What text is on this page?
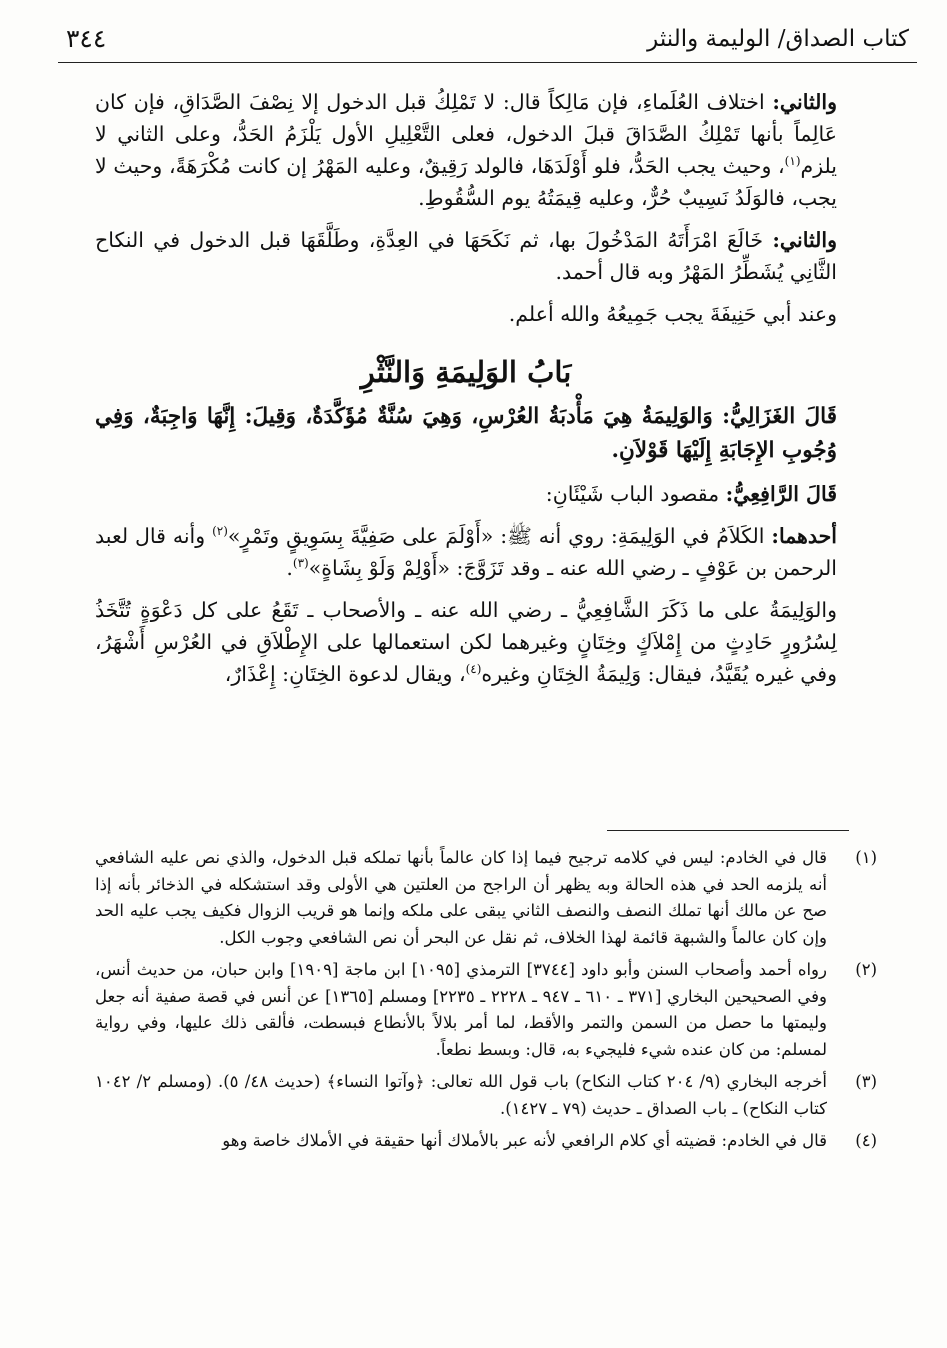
كتاب الصداق/ الوليمة والنثر
٣٤٤

والثاني: اختلاف العُلَماءِ، فإن مَالِكاً قال: لا تَمْلِكُ قبل الدخول إلا نِصْفَ الصَّدَاقِ، فإن كان عَالِماً بأنها تَمْلِكُ الصَّدَاقَ قبلَ الدخول، فعلى التَّعْلِيلِ الأول يَلْزَمُ الحَدُّ، وعلى الثاني لا يلزم$^{(١)}$، وحيث يجب الحَدُّ، فلو أَوْلَدَهَا، فالولد رَقِيقٌ، وعليه المَهْرُ إن كانت مُكْرَهَةً، وحيث لا يجب، فالوَلَدُ نَسِيبٌ حُرٌّ، وعليه قِيمَتُهُ يوم السُّقُوطِ.

والثاني: خَالَعَ امْرَأَتَهُ المَدْخُولَ بها، ثم نَكَحَهَا في العِدَّةِ، وطَلَّقَهَا قبل الدخول في النكاح الثَّانِي يُشَطِّرُ المَهْرُ وبه قال أحمد.

وعند أبي حَنِيفَةَ يجب جَمِيعُهُ والله أعلم.

بَابُ الوَلِيمَةِ وَالنَّثْرِ

قَالَ الغَزَالِيُّ: وَالوَلِيمَةُ هِيَ مَأْدبَةُ العُرْسِ، وَهِيَ سُنَّةٌ مُؤَكَّدَةٌ، وَقِيلَ: إِنَّهَا وَاجِبَةٌ، وَفِي وُجُوبِ الإِجَابَةِ إِلَيْهَا قَوْلاَنِ.

قَالَ الرَّافِعِيُّ: مقصود الباب شَيْئَانِ:

أحدهما: الكَلاَمُ في الوَلِيمَةِ: روي أنه ﷺ: «أَوْلَمَ على صَفِيَّةَ بِسَوِيقٍ وتَمْرٍ»$^{(٢)}$ وأنه قال لعبد الرحمن بن عَوْفٍ ـ رضي الله عنه ـ وقد تَزَوَّجَ: «أَوْلِمْ وَلَوْ بِشَاةٍ»$^{(٣)}$.

والوَلِيمَةُ على ما ذَكَرَ الشَّافِعِيُّ ـ رضي الله عنه ـ والأصحاب ـ تَقَعُ على كل دَعْوَةٍ تُتَّخَذُ لِسُرُورٍ حَادِثٍ من إِمْلاَكٍ وخِتَانٍ وغيرهما لكن استعمالها على الإِطْلاَقِ في العُرْسِ أَشْهَرُ، وفي غيره يُقَيَّدُ، فيقال: وَلِيمَةُ الخِتَانِ وغيره$^{(٤)}$، ويقال لدعوة الخِتَانِ: إِعْذَارٌ،

(١)
قال في الخادم: ليس في كلامه ترجيح فيما إذا كان عالماً بأنها تملكه قبل الدخول، والذي نص عليه الشافعي أنه يلزمه الحد في هذه الحالة وبه يظهر أن الراجح من العلتين هي الأولى وقد استشكله في الذخائر بأنه إذا صح عن مالك أنها تملك النصف والنصف الثاني يبقى على ملكه وإنما هو قريب الزوال فكيف يجب عليه الحد وإن كان عالماً والشبهة قائمة لهذا الخلاف، ثم نقل عن البحر أن نص الشافعي وجوب الكل.
(٢)
رواه أحمد وأصحاب السنن وأبو داود [٣٧٤٤] الترمذي [١٠٩٥] ابن ماجة [١٩٠٩] وابن حبان، من حديث أنس، وفي الصحيحين البخاري [٣٧١ ـ ٦١٠ ـ ٩٤٧ ـ ٢٢٢٨ ـ ٢٢٣٥] ومسلم [١٣٦٥] عن أنس في قصة صفية أنه جعل وليمتها ما حصل من السمن والتمر والأقط، لما أمر بلالاً بالأنطاع فبسطت، فألقى ذلك عليها، وفي رواية لمسلم: من كان عنده شيء فليجيء به، قال: وبسط نطعاً.
(٣)
أخرجه البخاري (٩/ ٢٠٤ كتاب النكاح) باب قول الله تعالى: ﴿وآتوا النساء﴾ (حديث ٤٨/ ٥). (ومسلم ٢/ ١٠٤٢ كتاب النكاح) ـ باب الصداق ـ حديث (٧٩ ـ ١٤٢٧).
(٤)
قال في الخادم: قضيته أي كلام الرافعي لأنه عبر بالأملاك أنها حقيقة في الأملاك خاصة وهو
